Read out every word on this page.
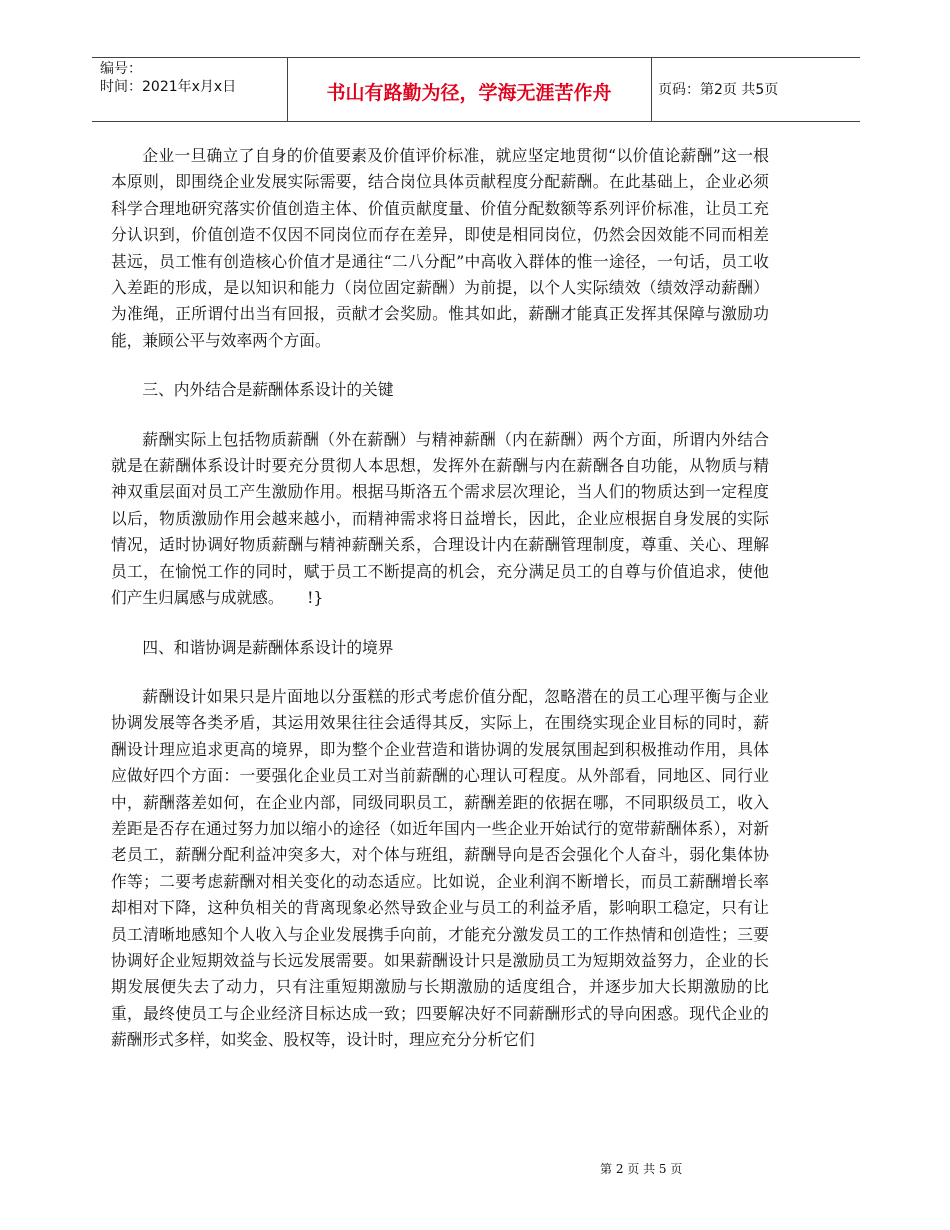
编号：
时间：2021年x月x日	书山有路勤为径，学海无涯苦作舟	页码：第2页 共5页

企业一旦确立了自身的价值要素及价值评价标准，就应坚定地贯彻“以价值论薪酬”这一根本原则，即围绕企业发展实际需要，结合岗位具体贡献程度分配薪酬。在此基础上，企业必须科学合理地研究落实价值创造主体、价值贡献度量、价值分配数额等系列评价标准，让员工充分认识到，价值创造不仅因不同岗位而存在差异，即使是相同岗位，仍然会因效能不同而相差甚远，员工惟有创造核心价值才是通往“二八分配”中高收入群体的惟一途径，一句话，员工收入差距的形成，是以知识和能力（岗位固定薪酬）为前提，以个人实际绩效（绩效浮动薪酬）为准绳，正所谓付出当有回报，贡献才会奖励。惟其如此，薪酬才能真正发挥其保障与激励功能，兼顾公平与效率两个方面。

三、内外结合是薪酬体系设计的关键

薪酬实际上包括物质薪酬（外在薪酬）与精神薪酬（内在薪酬）两个方面，所谓内外结合就是在薪酬体系设计时要充分贯彻人本思想，发挥外在薪酬与内在薪酬各自功能，从物质与精神双重层面对员工产生激励作用。根据马斯洛五个需求层次理论，当人们的物质达到一定程度以后，物质激励作用会越来越小，而精神需求将日益增长，因此，企业应根据自身发展的实际情况，适时协调好物质薪酬与精神薪酬关系，合理设计内在薪酬管理制度，尊重、关心、理解员工，在愉悦工作的同时，赋于员工不断提高的机会，充分满足员工的自尊与价值追求，使他们产生归属感与成就感。　　!}

四、和谐协调是薪酬体系设计的境界

薪酬设计如果只是片面地以分蛋糕的形式考虑价值分配，忽略潜在的员工心理平衡与企业协调发展等各类矛盾，其运用效果往往会适得其反，实际上，在围绕实现企业目标的同时，薪酬设计理应追求更高的境界，即为整个企业营造和谐协调的发展氛围起到积极推动作用，具体应做好四个方面：一要强化企业员工对当前薪酬的心理认可程度。从外部看，同地区、同行业中，薪酬落差如何，在企业内部，同级同职员工，薪酬差距的依据在哪，不同职级员工，收入差距是否存在通过努力加以缩小的途径（如近年国内一些企业开始试行的宽带薪酬体系），对新老员工，薪酬分配利益冲突多大，对个体与班组，薪酬导向是否会强化个人奋斗，弱化集体协作等；二要考虑薪酬对相关变化的动态适应。比如说，企业利润不断增长，而员工薪酬增长率却相对下降，这种负相关的背离现象必然导致企业与员工的利益矛盾，影响职工稳定，只有让员工清晰地感知个人收入与企业发展携手向前，才能充分激发员工的工作热情和创造性；三要协调好企业短期效益与长远发展需要。如果薪酬设计只是激励员工为短期效益努力，企业的长期发展便失去了动力，只有注重短期激励与长期激励的适度组合，并逐步加大长期激励的比重，最终使员工与企业经济目标达成一致；四要解决好不同薪酬形式的导向困惑。现代企业的薪酬形式多样，如奖金、股权等，设计时，理应充分分析它们

第 2 页 共 5 页
